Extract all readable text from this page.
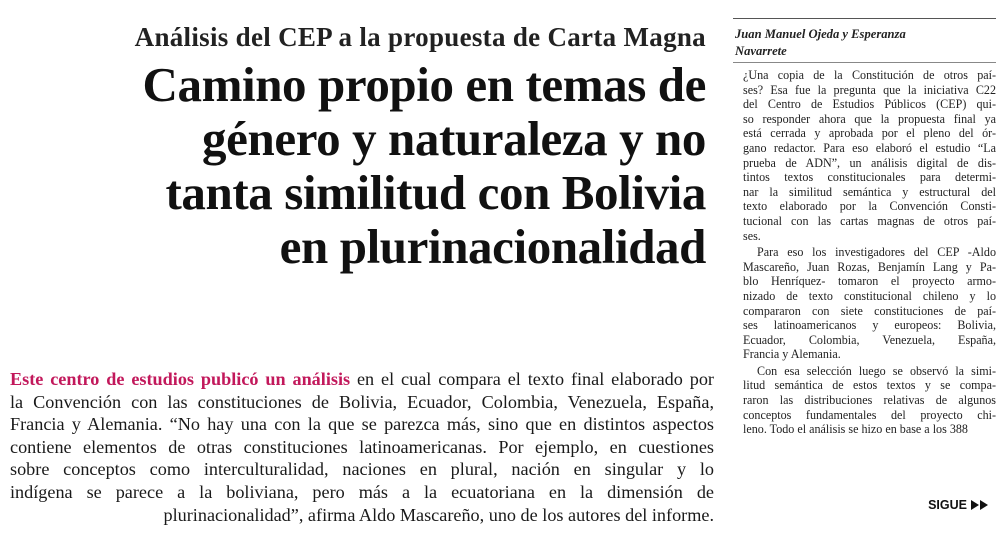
Análisis del CEP a la propuesta de Carta Magna
Camino propio en temas de
género y naturaleza y no
tanta similitud con Bolivia
en plurinacionalidad
Este centro de estudios publicó un análisis en el cual compara el texto final elaborado por
la Convención con las constituciones de Bolivia, Ecuador, Colombia, Venezuela, España,
Francia y Alemania. “No hay una con la que se parezca más, sino que en distintos aspectos
contiene elementos de otras constituciones latinoamericanas. Por ejemplo, en cuestiones
sobre conceptos como interculturalidad, naciones en plural, nación en singular y lo
indígena se parece a la boliviana, pero más a la ecuatoriana en la dimensión de
plurinacionalidad”, afirma Aldo Mascareño, uno de los autores del informe.
Juan Manuel Ojeda y Esperanza
Navarrete
¿Una copia de la Constitución de otros paí-
ses? Esa fue la pregunta que la iniciativa C22
del Centro de Estudios Públicos (CEP) qui-
so responder ahora que la propuesta final ya
está cerrada y aprobada por el pleno del ór-
gano redactor. Para eso elaboró el estudio “La
prueba de ADN”, un análisis digital de dis-
tintos textos constitucionales para determi-
nar la similitud semántica y estructural del
texto elaborado por la Convención Consti-
tucional con las cartas magnas de otros paí-
ses.
Para eso los investigadores del CEP -Aldo
Mascareño, Juan Rozas, Benjamín Lang y Pa-
blo Henríquez- tomaron el proyecto armo-
nizado de texto constitucional chileno y lo
compararon con siete constituciones de paí-
ses latinoamericanos y europeos: Bolivia,
Ecuador, Colombia, Venezuela, España,
Francia y Alemania.
Con esa selección luego se observó la simi-
litud semántica de estos textos y se compa-
raron las distribuciones relativas de algunos
conceptos fundamentales del proyecto chi-
leno. Todo el análisis se hizo en base a los 388
SIGUE
